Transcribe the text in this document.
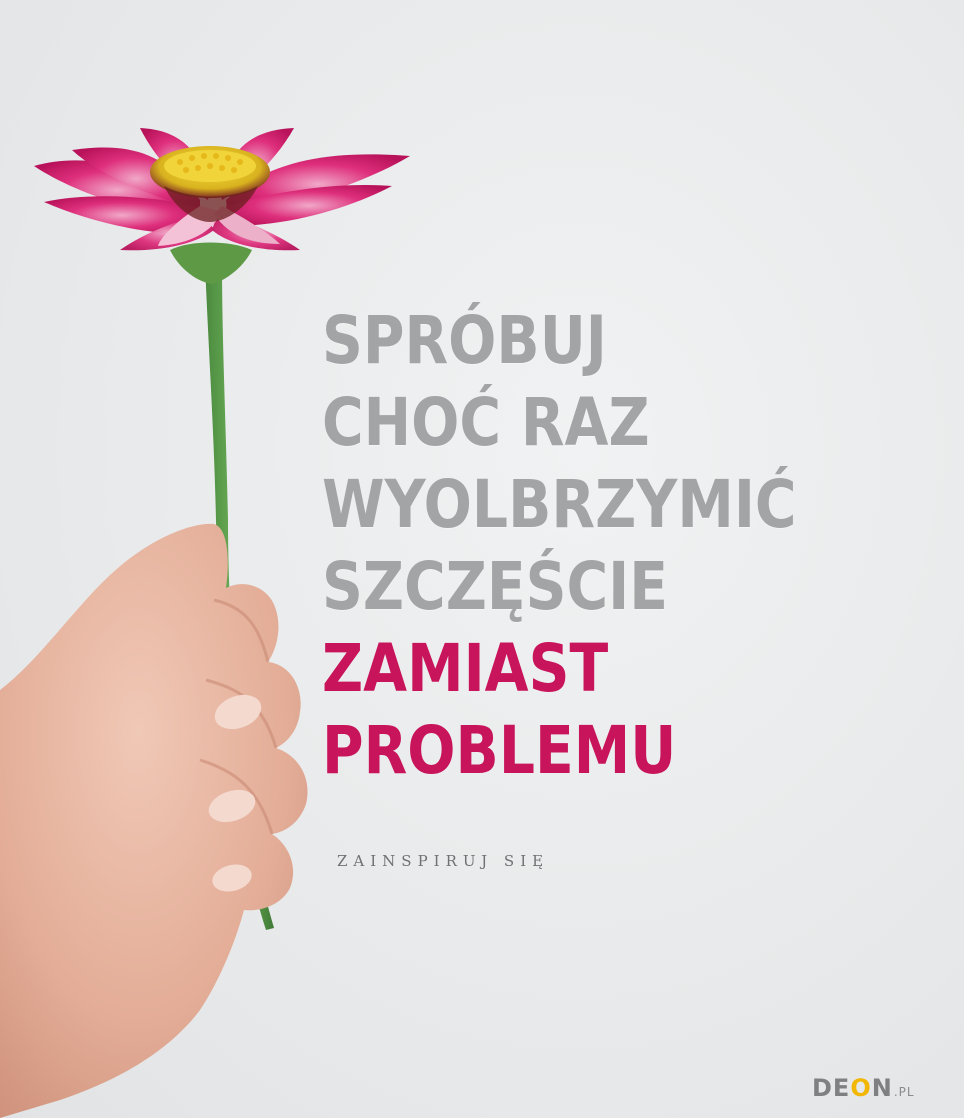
SPRÓBUJ
CHOĆ RAZ
WYOLBRZYMIĆ
SZCZĘŚCIE
ZAMIAST
PROBLEMU
ZAINSPIRUJ SIĘ
DE O N .PL
